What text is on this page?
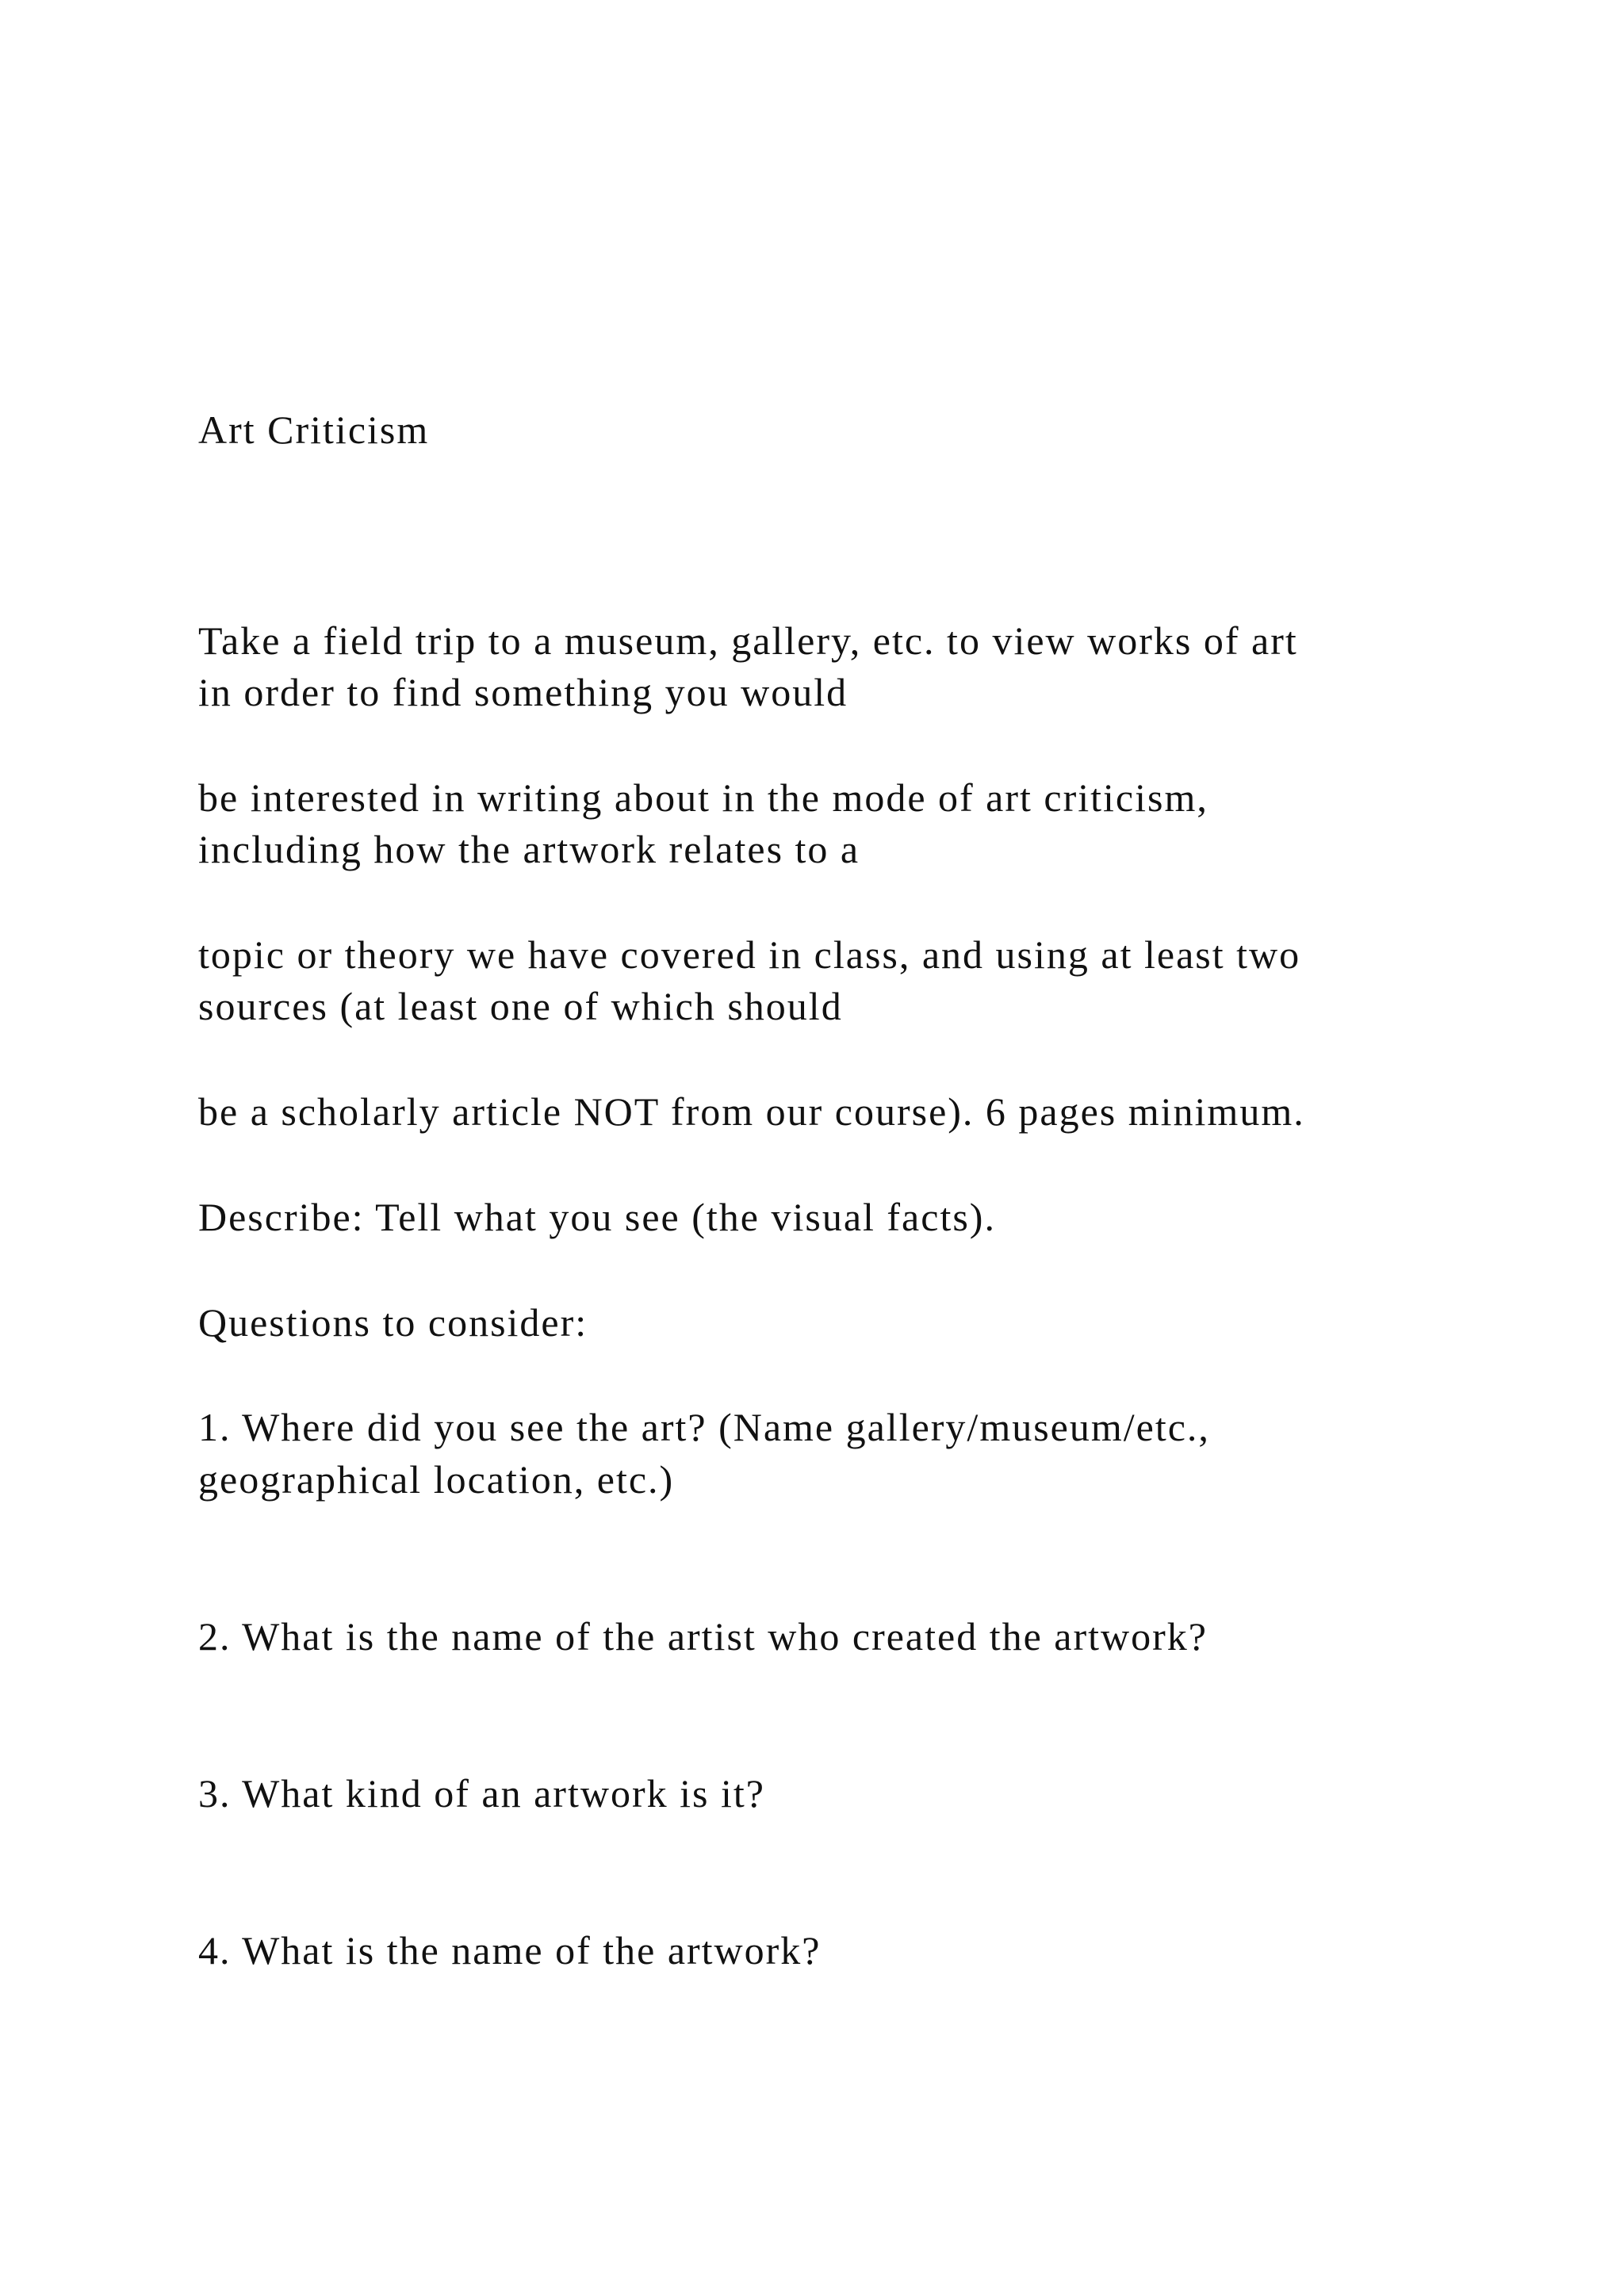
Art Criticism
Take a field trip to a museum, gallery, etc. to view works of art
in order to find something you would
be interested in writing about in the mode of art criticism,
including how the artwork relates to a
topic or theory we have covered in class, and using at least two
sources (at least one of which should
be a scholarly article NOT from our course). 6 pages minimum.
Describe: Tell what you see (the visual facts).
Questions to consider:
1. Where did you see the art? (Name gallery/museum/etc.,
geographical location, etc.)
2. What is the name of the artist who created the artwork?
3. What kind of an artwork is it?
4. What is the name of the artwork?
